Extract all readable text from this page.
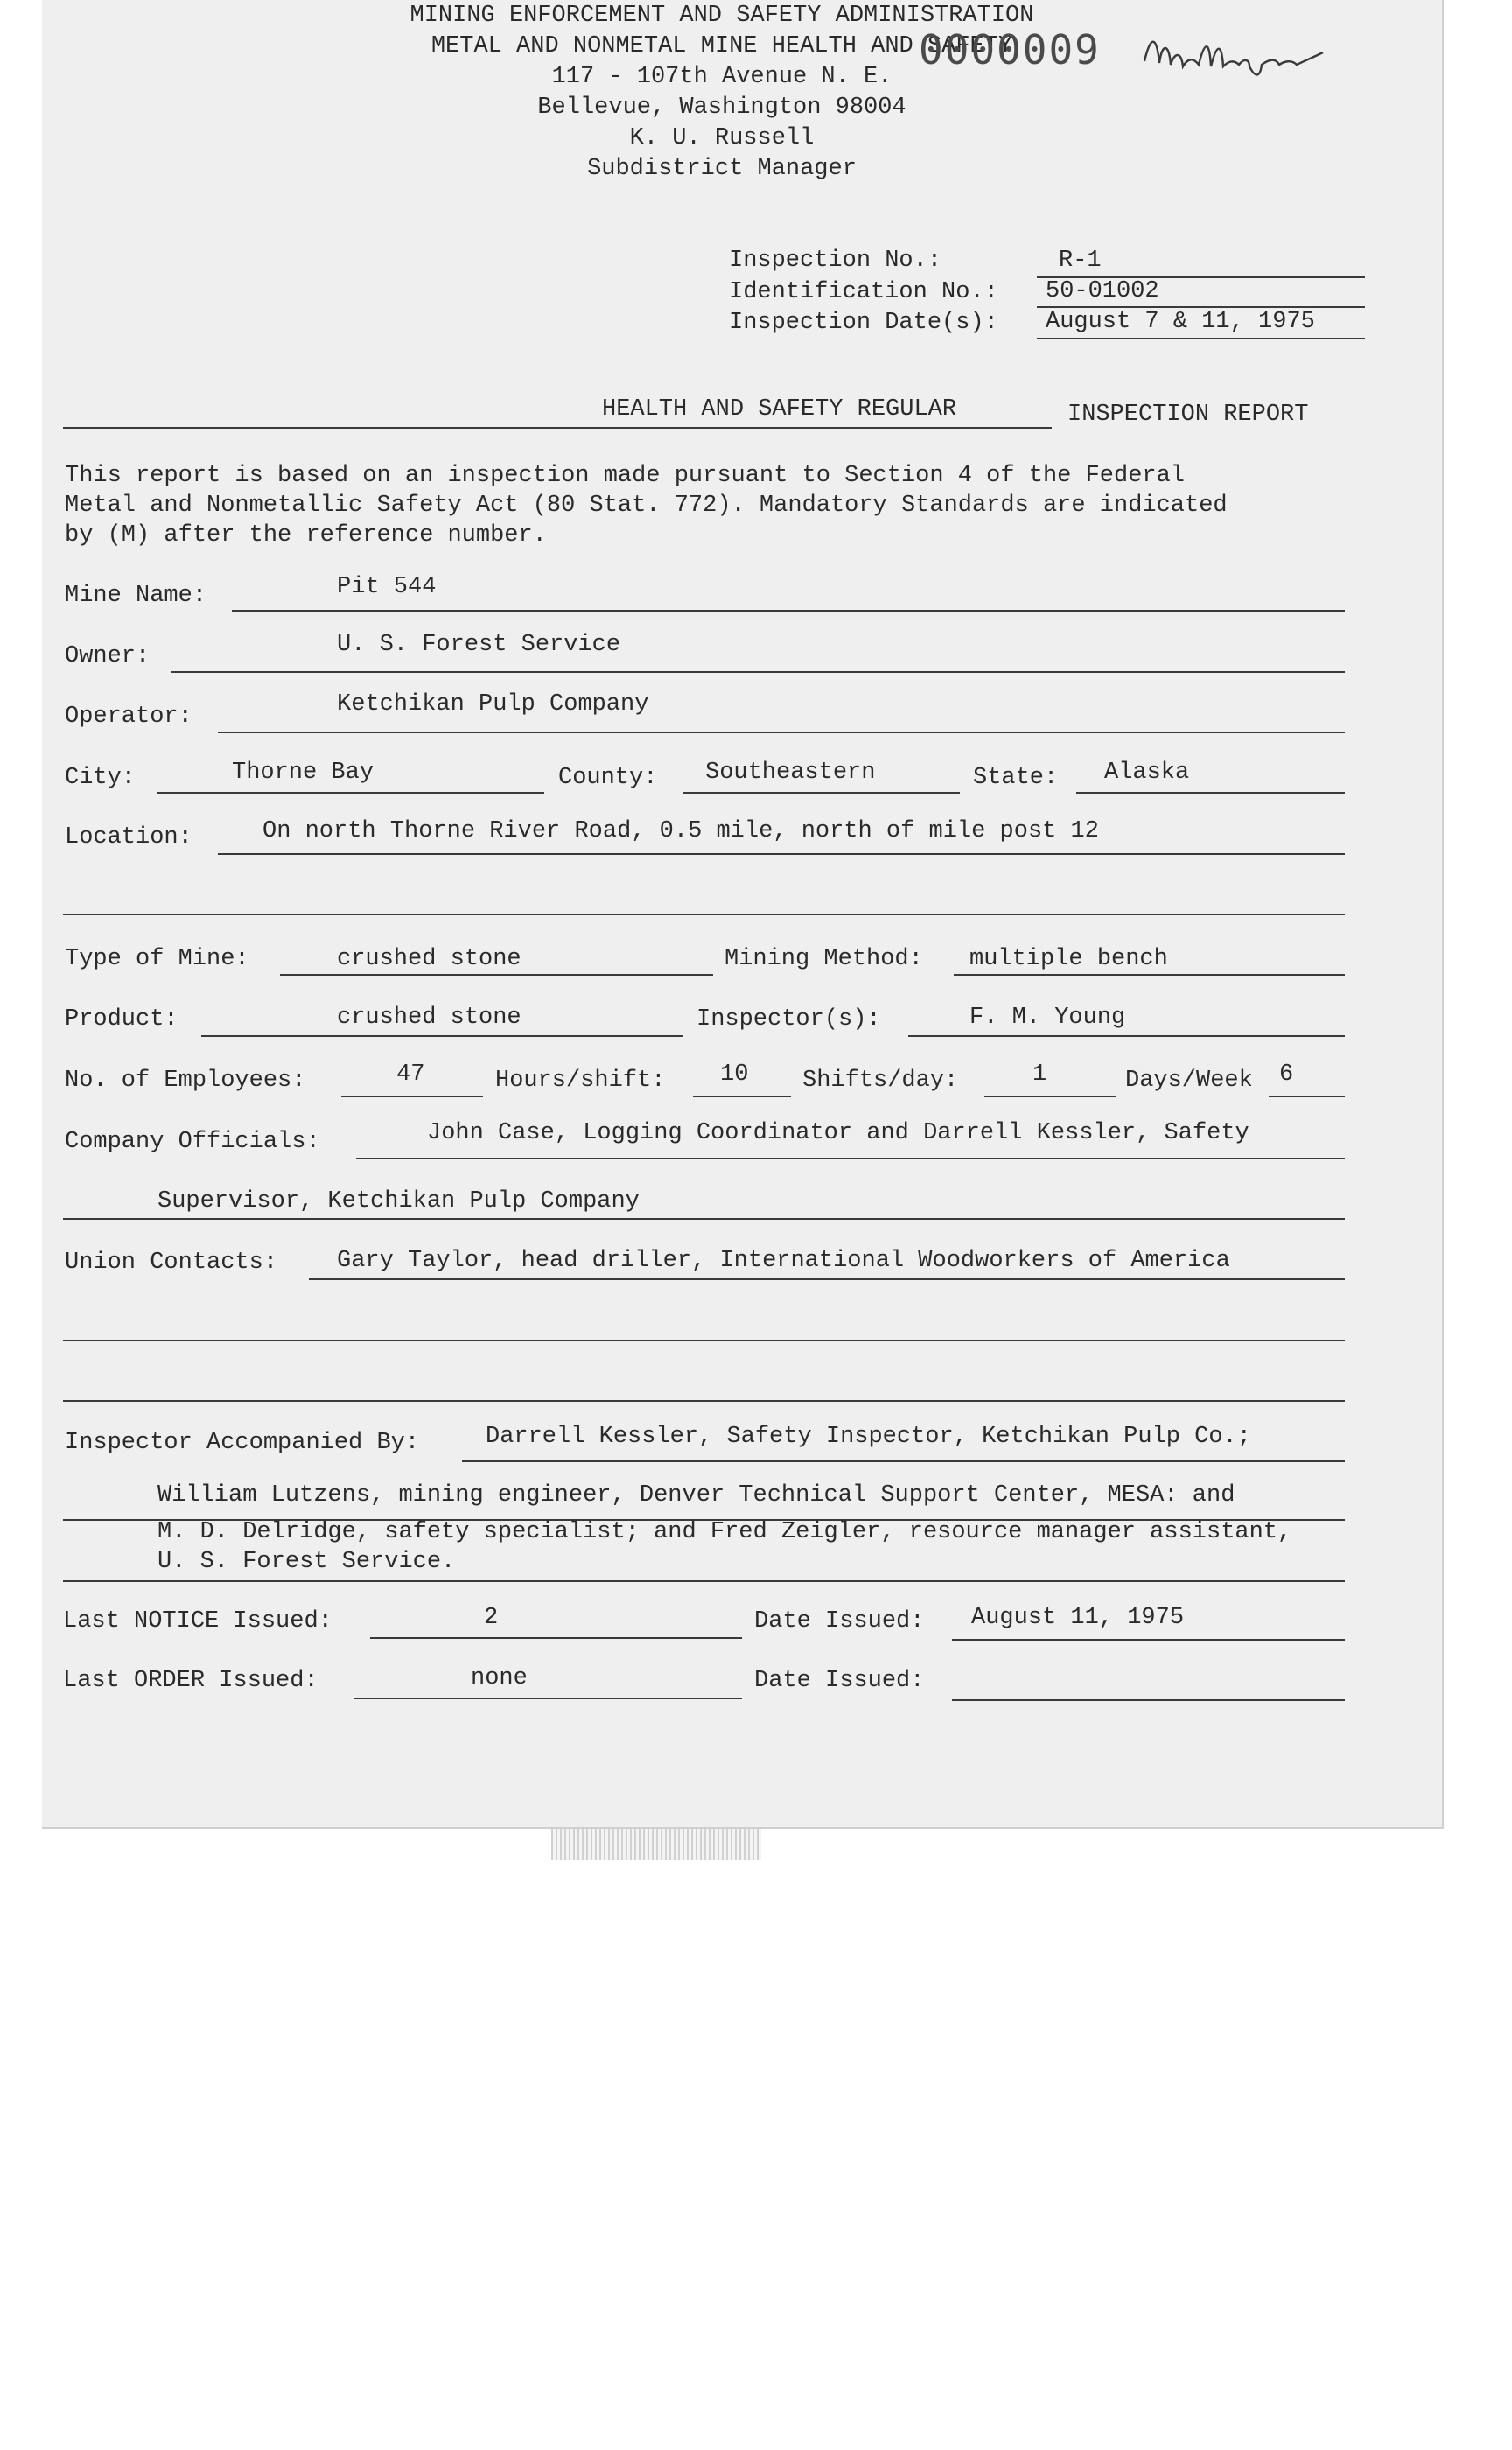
MINING ENFORCEMENT AND SAFETY ADMINISTRATION
METAL AND NONMETAL MINE HEALTH AND SAFETY
117 - 107th Avenue N. E.
Bellevue, Washington 98004
K. U. Russell
Subdistrict Manager
0000009
Inspection No.:	R-1
Identification No.: 50-01002
Inspection Date(s): August 7 & 11, 1975
HEALTH AND SAFETY REGULAR	INSPECTION REPORT
This report is based on an inspection made pursuant to Section 4 of the Federal
Metal and Nonmetallic Safety Act (80 Stat. 772). Mandatory Standards are indicated
by (M) after the reference number.
Mine Name:	Pit 544
Owner:	U. S. Forest Service
Operator:	Ketchikan Pulp Company
City:	Thorne Bay	County: Southeastern	State: Alaska
Location:	On north Thorne River Road, 0.5 mile, north of mile post 12
Type of Mine:	crushed stone	Mining Method: multiple bench
Product:	crushed stone	Inspector(s):	F. M. Young
No. of Employees:	47	Hours/shift: 10 Shifts/day:	1	Days/Week 6
Company Officials:	John Case, Logging Coordinator and Darrell Kessler, Safety
Supervisor, Ketchikan Pulp Company
Union Contacts:	Gary Taylor, head driller, International Woodworkers of America
Inspector Accompanied By:	Darrell Kessler, Safety Inspector, Ketchikan Pulp Co.;
William Lutzens, mining engineer, Denver Technical Support Center, MESA: and
M. D. Delridge, safety specialist; and Fred Zeigler, resource manager assistant,
U. S. Forest Service.
Last NOTICE Issued:	2	Date Issued: August 11, 1975
Last ORDER Issued:	none	Date Issued:
